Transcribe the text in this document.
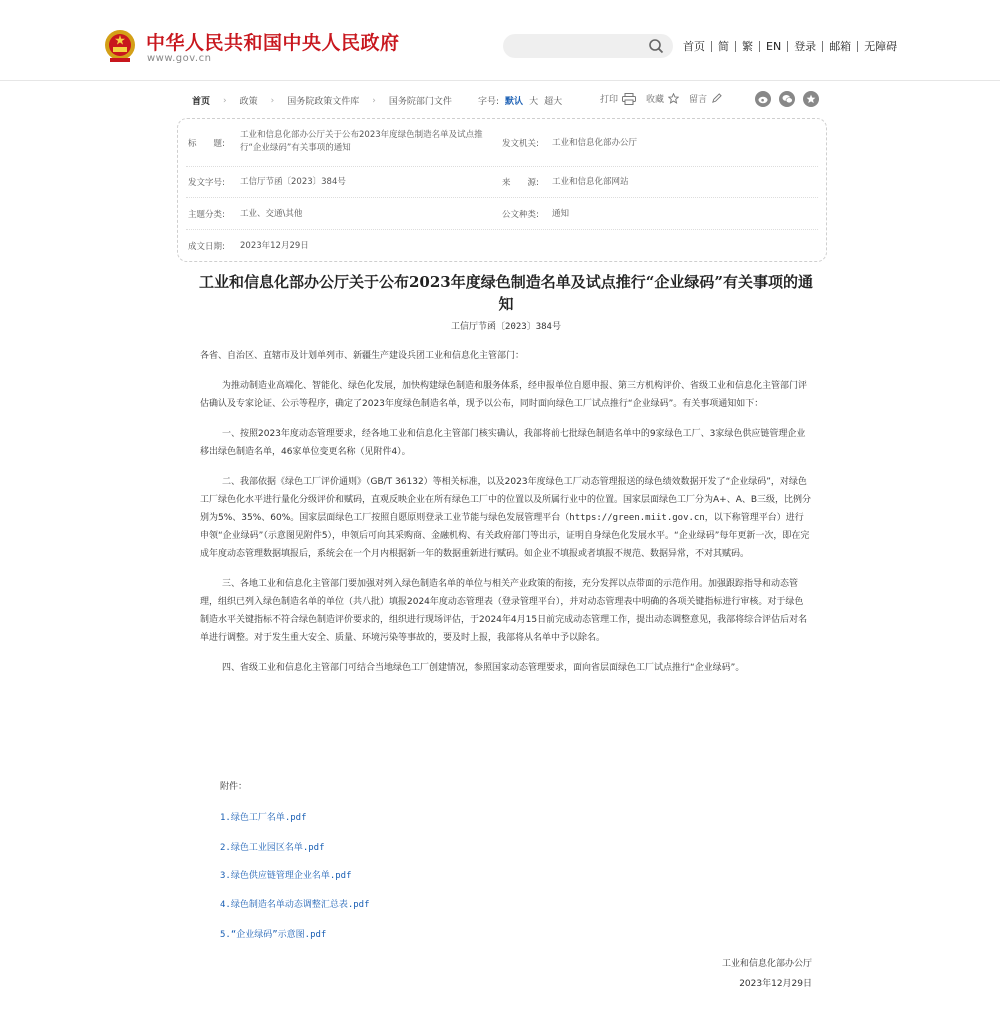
中华人民共和国中央人民政府
www.gov.cn
首页 简 繁 EN 登录 邮箱 无障碍
首页 › 政策 › 国务院政策文件库 › 国务院部门文件	字号: 默认 大 超大	打印	收藏	留言
标　　题:
工业和信息化部办公厅关于公布2023年度绿色制造名单及试点推行“企业绿码”有关事项的通知	发文机关: 工业和信息化部办公厅
发文字号: 工信厅节函〔2023〕384号	来　　源: 工业和信息化部网站
主题分类: 工业、交通\其他	公文种类: 通知
成文日期: 2023年12月29日
工业和信息化部办公厅关于公布2023年度绿色制造名单及试点推行“企业绿码”有关事项的通知
工信厅节函〔2023〕384号

各省、自治区、直辖市及计划单列市、新疆生产建设兵团工业和信息化主管部门：

为推动制造业高端化、智能化、绿色化发展，加快构建绿色制造和服务体系，经申报单位自愿申报、第三方机构评价、省级工业和信息化主管部门评估确认及专家论证、公示等程序，确定了2023年度绿色制造名单，现予以公布，同时面向绿色工厂试点推行“企业绿码”。有关事项通知如下：

一、按照2023年度动态管理要求，经各地工业和信息化主管部门核实确认，我部将前七批绿色制造名单中的9家绿色工厂、3家绿色供应链管理企业移出绿色制造名单，46家单位变更名称（见附件4）。

二、我部依据《绿色工厂评价通则》（GB/T 36132）等相关标准，以及2023年度绿色工厂动态管理报送的绿色绩效数据开发了“企业绿码”，对绿色工厂绿色化水平进行量化分级评价和赋码，直观反映企业在所有绿色工厂中的位置以及所属行业中的位置。国家层面绿色工厂分为A+、A、B三级，比例分别为5%、35%、60%。国家层面绿色工厂按照自愿原则登录工业节能与绿色发展管理平台（https://green.miit.gov.cn，以下称管理平台）进行申领“企业绿码”（示意图见附件5），申领后可向其采购商、金融机构、有关政府部门等出示，证明自身绿色化发展水平。“企业绿码”每年更新一次，即在完成年度动态管理数据填报后，系统会在一个月内根据新一年的数据重新进行赋码。如企业不填报或者填报不规范、数据异常，不对其赋码。

三、各地工业和信息化主管部门要加强对列入绿色制造名单的单位与相关产业政策的衔接，充分发挥以点带面的示范作用。加强跟踪指导和动态管理，组织已列入绿色制造名单的单位（共八批）填报2024年度动态管理表（登录管理平台），并对动态管理表中明确的各项关键指标进行审核。对于绿色制造水平关键指标不符合绿色制造评价要求的，组织进行现场评估，于2024年4月15日前完成动态管理工作，提出动态调整意见，我部将综合评估后对名单进行调整。对于发生重大安全、质量、环境污染等事故的，要及时上报，我部将从名单中予以除名。

四、省级工业和信息化主管部门可结合当地绿色工厂创建情况，参照国家动态管理要求，面向省层面绿色工厂试点推行“企业绿码”。

附件：
1.绿色工厂名单.pdf
2.绿色工业园区名单.pdf
3.绿色供应链管理企业名单.pdf
4.绿色制造名单动态调整汇总表.pdf
5.“企业绿码”示意图.pdf
工业和信息化部办公厅
2023年12月29日
